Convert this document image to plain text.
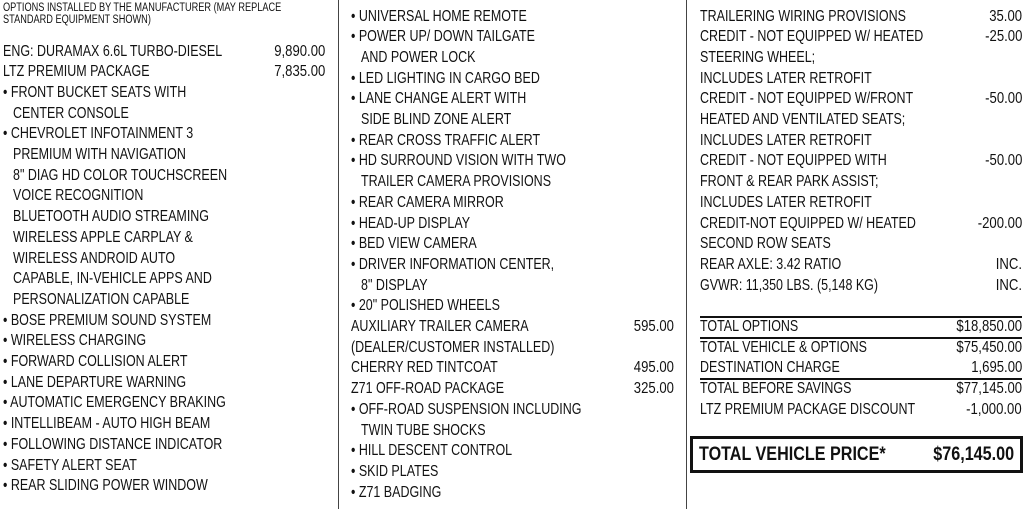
OPTIONS INSTALLED BY THE MANUFACTURER (MAY REPLACE
STANDARD EQUIPMENT SHOWN)
ENG: DURAMAX 6.6L TURBO-DIESEL	9,890.00
LTZ PREMIUM PACKAGE	7,835.00
• FRONT BUCKET SEATS WITH
CENTER CONSOLE
• CHEVROLET INFOTAINMENT 3
PREMIUM WITH NAVIGATION
8" DIAG HD COLOR TOUCHSCREEN
VOICE RECOGNITION
BLUETOOTH AUDIO STREAMING
WIRELESS APPLE CARPLAY &
WIRELESS ANDROID AUTO
CAPABLE, IN-VEHICLE APPS AND
PERSONALIZATION CAPABLE
• BOSE PREMIUM SOUND SYSTEM
• WIRELESS CHARGING
• FORWARD COLLISION ALERT
• LANE DEPARTURE WARNING
• AUTOMATIC EMERGENCY BRAKING
• INTELLIBEAM - AUTO HIGH BEAM
• FOLLOWING DISTANCE INDICATOR
• SAFETY ALERT SEAT
• REAR SLIDING POWER WINDOW
• UNIVERSAL HOME REMOTE
• POWER UP/ DOWN TAILGATE
AND POWER LOCK
• LED LIGHTING IN CARGO BED
• LANE CHANGE ALERT WITH
SIDE BLIND ZONE ALERT
• REAR CROSS TRAFFIC ALERT
• HD SURROUND VISION WITH TWO
TRAILER CAMERA PROVISIONS
• REAR CAMERA MIRROR
• HEAD-UP DISPLAY
• BED VIEW CAMERA
• DRIVER INFORMATION CENTER,
8" DISPLAY
• 20" POLISHED WHEELS
AUXILIARY TRAILER CAMERA	595.00
(DEALER/CUSTOMER INSTALLED)
CHERRY RED TINTCOAT	495.00
Z71 OFF-ROAD PACKAGE	325.00
• OFF-ROAD SUSPENSION INCLUDING
TWIN TUBE SHOCKS
• HILL DESCENT CONTROL
• SKID PLATES
• Z71 BADGING
TRAILERING WIRING PROVISIONS	35.00
CREDIT - NOT EQUIPPED W/ HEATED	-25.00
STEERING WHEEL;
INCLUDES LATER RETROFIT
CREDIT - NOT EQUIPPED W/FRONT	-50.00
HEATED AND VENTILATED SEATS;
INCLUDES LATER RETROFIT
CREDIT - NOT EQUIPPED WITH	-50.00
FRONT & REAR PARK ASSIST;
INCLUDES LATER RETROFIT
CREDIT-NOT EQUIPPED W/ HEATED	-200.00
SECOND ROW SEATS
REAR AXLE: 3.42 RATIO	INC.
GVWR: 11,350 LBS. (5,148 KG)	INC.
TOTAL OPTIONS	$18,850.00
TOTAL VEHICLE & OPTIONS	$75,450.00
DESTINATION CHARGE	1,695.00
TOTAL BEFORE SAVINGS	$77,145.00
LTZ PREMIUM PACKAGE DISCOUNT	-1,000.00
TOTAL VEHICLE PRICE*	$76,145.00
